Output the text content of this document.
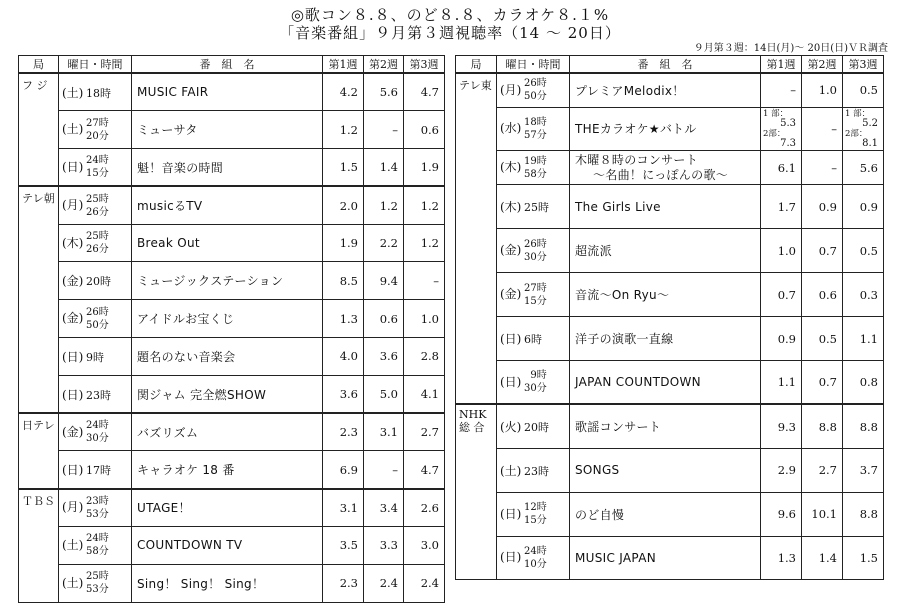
◎歌コン８.８、のど８.８、カラオケ８.１%
「音楽番組」９月第３週視聴率（14 〜 20日）
９月第３週：14日(月)〜 20日(日)ＶＲ調査
局	曜日・時間	番　組　名	第1週	第2週	第3週
フ ジ	(土) 18時	MUSIC FAIR	4.2	5.6	4.7
	(土) 27時
20分	ミューサタ	1.2	–	0.6
	(日) 24時
15分	魁！音楽の時間	1.5	1.4	1.9
テレ朝	(月) 25時
26分	musicるTV	2.0	1.2	1.2
	(木) 25時
26分	Break Out	1.9	2.2	1.2
	(金) 20時	ミュージックステーション	8.5	9.4	–
	(金) 26時
50分	アイドルお宝くじ	1.3	0.6	1.0
	(日) 9時	題名のない音楽会	4.0	3.6	2.8
	(日) 23時	関ジャム 完全燃SHOW	3.6	5.0	4.1
日テレ	(金) 24時
30分	バズリズム	2.3	3.1	2.7
	(日) 17時	キャラオケ 18 番	6.9	–	4.7
ＴＢＳ	(月) 23時
53分	UTAGE！	3.1	3.4	2.6
	(土) 24時
58分	COUNTDOWN TV	3.5	3.3	3.0
	(土) 25時
53分	Sing！ Sing！ Sing！	2.3	2.4	2.4
局	曜日・時間	番　組　名	第1週	第2週	第3週
テレ東	(月) 26時
50分	プレミアMelodix！	–	1.0	0.5
	(水) 18時
57分	THEカラオケ★バトル	1 部：
5.3
2部：
7.3	–	1 部：
5.2
2部：
8.1

	(木) 19時
58分	木曜８時のコンサート
〜名曲！にっぽんの歌〜	6.1	–	5.6
	(木) 25時	The Girls Live	1.7	0.9	0.9
	(金) 26時
30分	超流派	1.0	0.7	0.5
	(金) 27時
15分	音流〜On Ryu〜	0.7	0.6	0.3
	(日) 6時	洋子の演歌一直線	0.9	0.5	1.1
	(日) 9時
30分	JAPAN COUNTDOWN	1.1	0.7	0.8
NHK
総 合	(火) 20時	歌謡コンサート	9.3	8.8	8.8
	(土) 23時	SONGS	2.9	2.7	3.7
	(日) 12時
15分	のど自慢	9.6	10.1	8.8
	(日) 24時
10分	MUSIC JAPAN	1.3	1.4	1.5
